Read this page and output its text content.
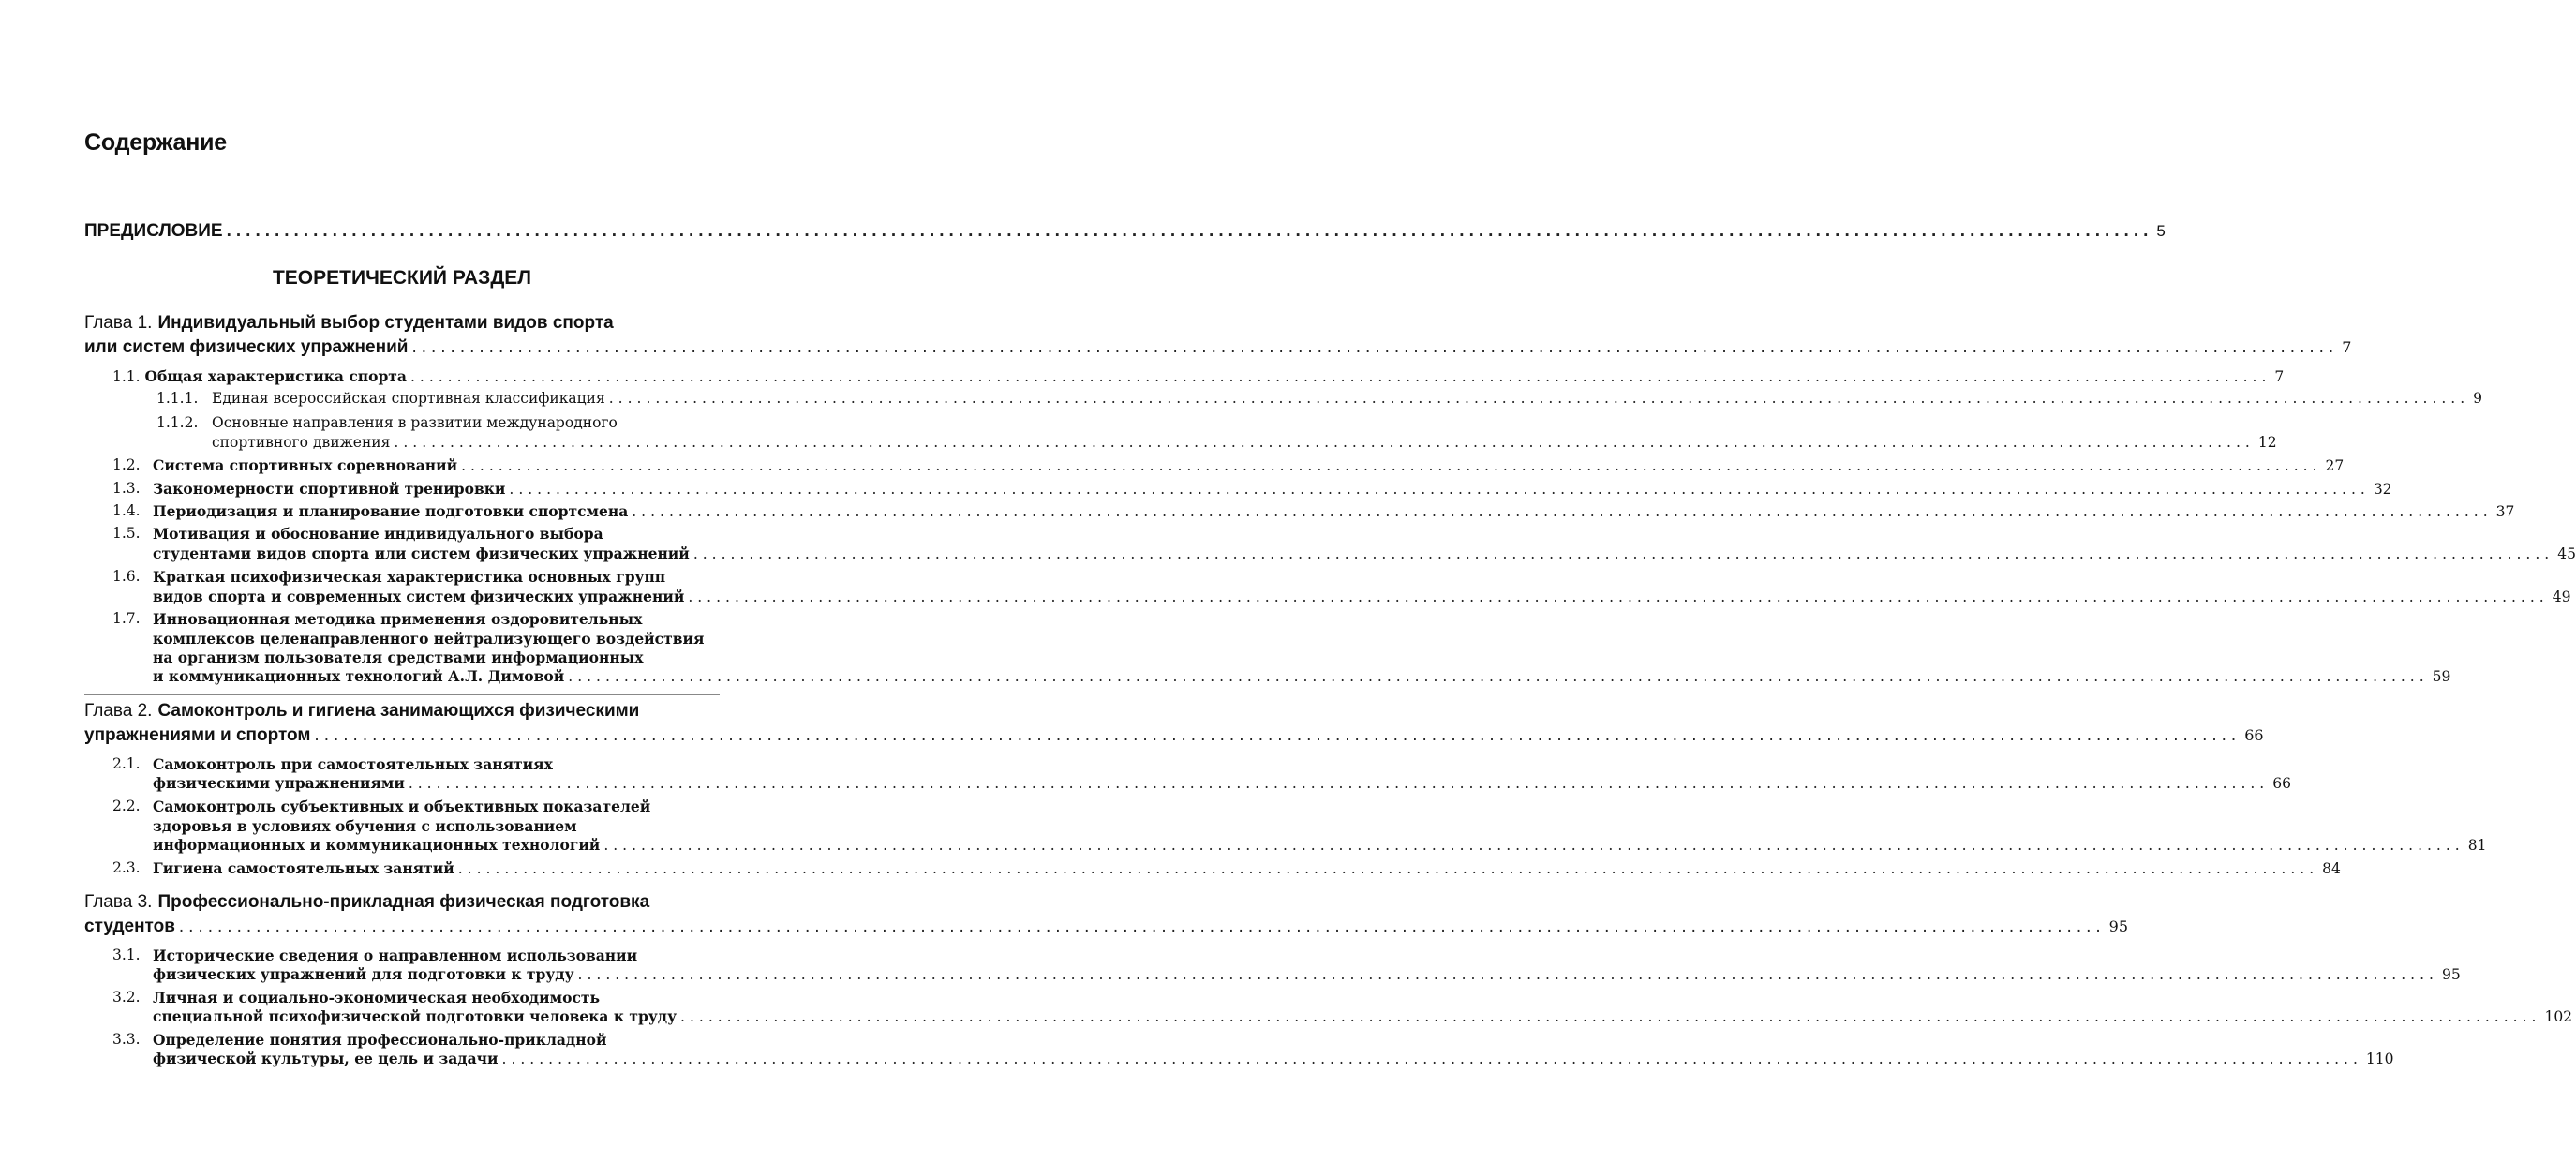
Содержание
ПРЕДИСЛОВИЕ ........................................................................................................................................................................................................ 5
ТЕОРЕТИЧЕСКИЙ РАЗДЕЛ
Глава 1. Индивидуальный выбор студентами видов спорта
или систем физических упражнений ........................................................................................................................................................................................................ 7
1.1.
Общая характеристика спорта ........................................................................................................................................................................................................ 7
1.1.1. Единая всероссийская спортивная классификация ........................................................................................................................................................................................................ 9
1.1.2. Основные направления в развитии международного
спортивного движения ........................................................................................................................................................................................................ 12
1.2. Система спортивных соревнований ........................................................................................................................................................................................................ 27
1.3. Закономерности спортивной тренировки ........................................................................................................................................................................................................ 32
1.4. Периодизация и планирование подготовки спортсмена ........................................................................................................................................................................................................ 37
1.5. Мотивация и обоснование индивидуального выбора
студентами видов спорта или систем физических упражнений ........................................................................................................................................................................................................ 45
1.6. Краткая психофизическая характеристика основных групп
видов спорта и современных систем физических упражнений ........................................................................................................................................................................................................ 49
1.7. Инновационная методика применения оздоровительных
комплексов целенаправленного нейтрализующего воздействия
на организм пользователя средствами информационных
и коммуникационных технологий А.Л. Димовой ........................................................................................................................................................................................................ 59
Глава 2. Самоконтроль и гигиена занимающихся физическими
упражнениями и спортом ........................................................................................................................................................................................................ 66
2.1. Самоконтроль при самостоятельных занятиях
физическими упражнениями ........................................................................................................................................................................................................ 66
2.2. Самоконтроль субъективных и объективных показателей
здоровья в условиях обучения с использованием
информационных и коммуникационных технологий ........................................................................................................................................................................................................ 81
2.3. Гигиена самостоятельных занятий ........................................................................................................................................................................................................ 84
Глава 3. Профессионально-прикладная физическая подготовка
студентов ........................................................................................................................................................................................................ 95
3.1. Исторические сведения о направленном использовании
физических упражнений для подготовки к труду ........................................................................................................................................................................................................ 95
3.2. Личная и социально-экономическая необходимость
специальной психофизической подготовки человека к труду ........................................................................................................................................................................................................ 102
3.3. Определение понятия профессионально-прикладной
физической культуры, ее цель и задачи ........................................................................................................................................................................................................ 110
